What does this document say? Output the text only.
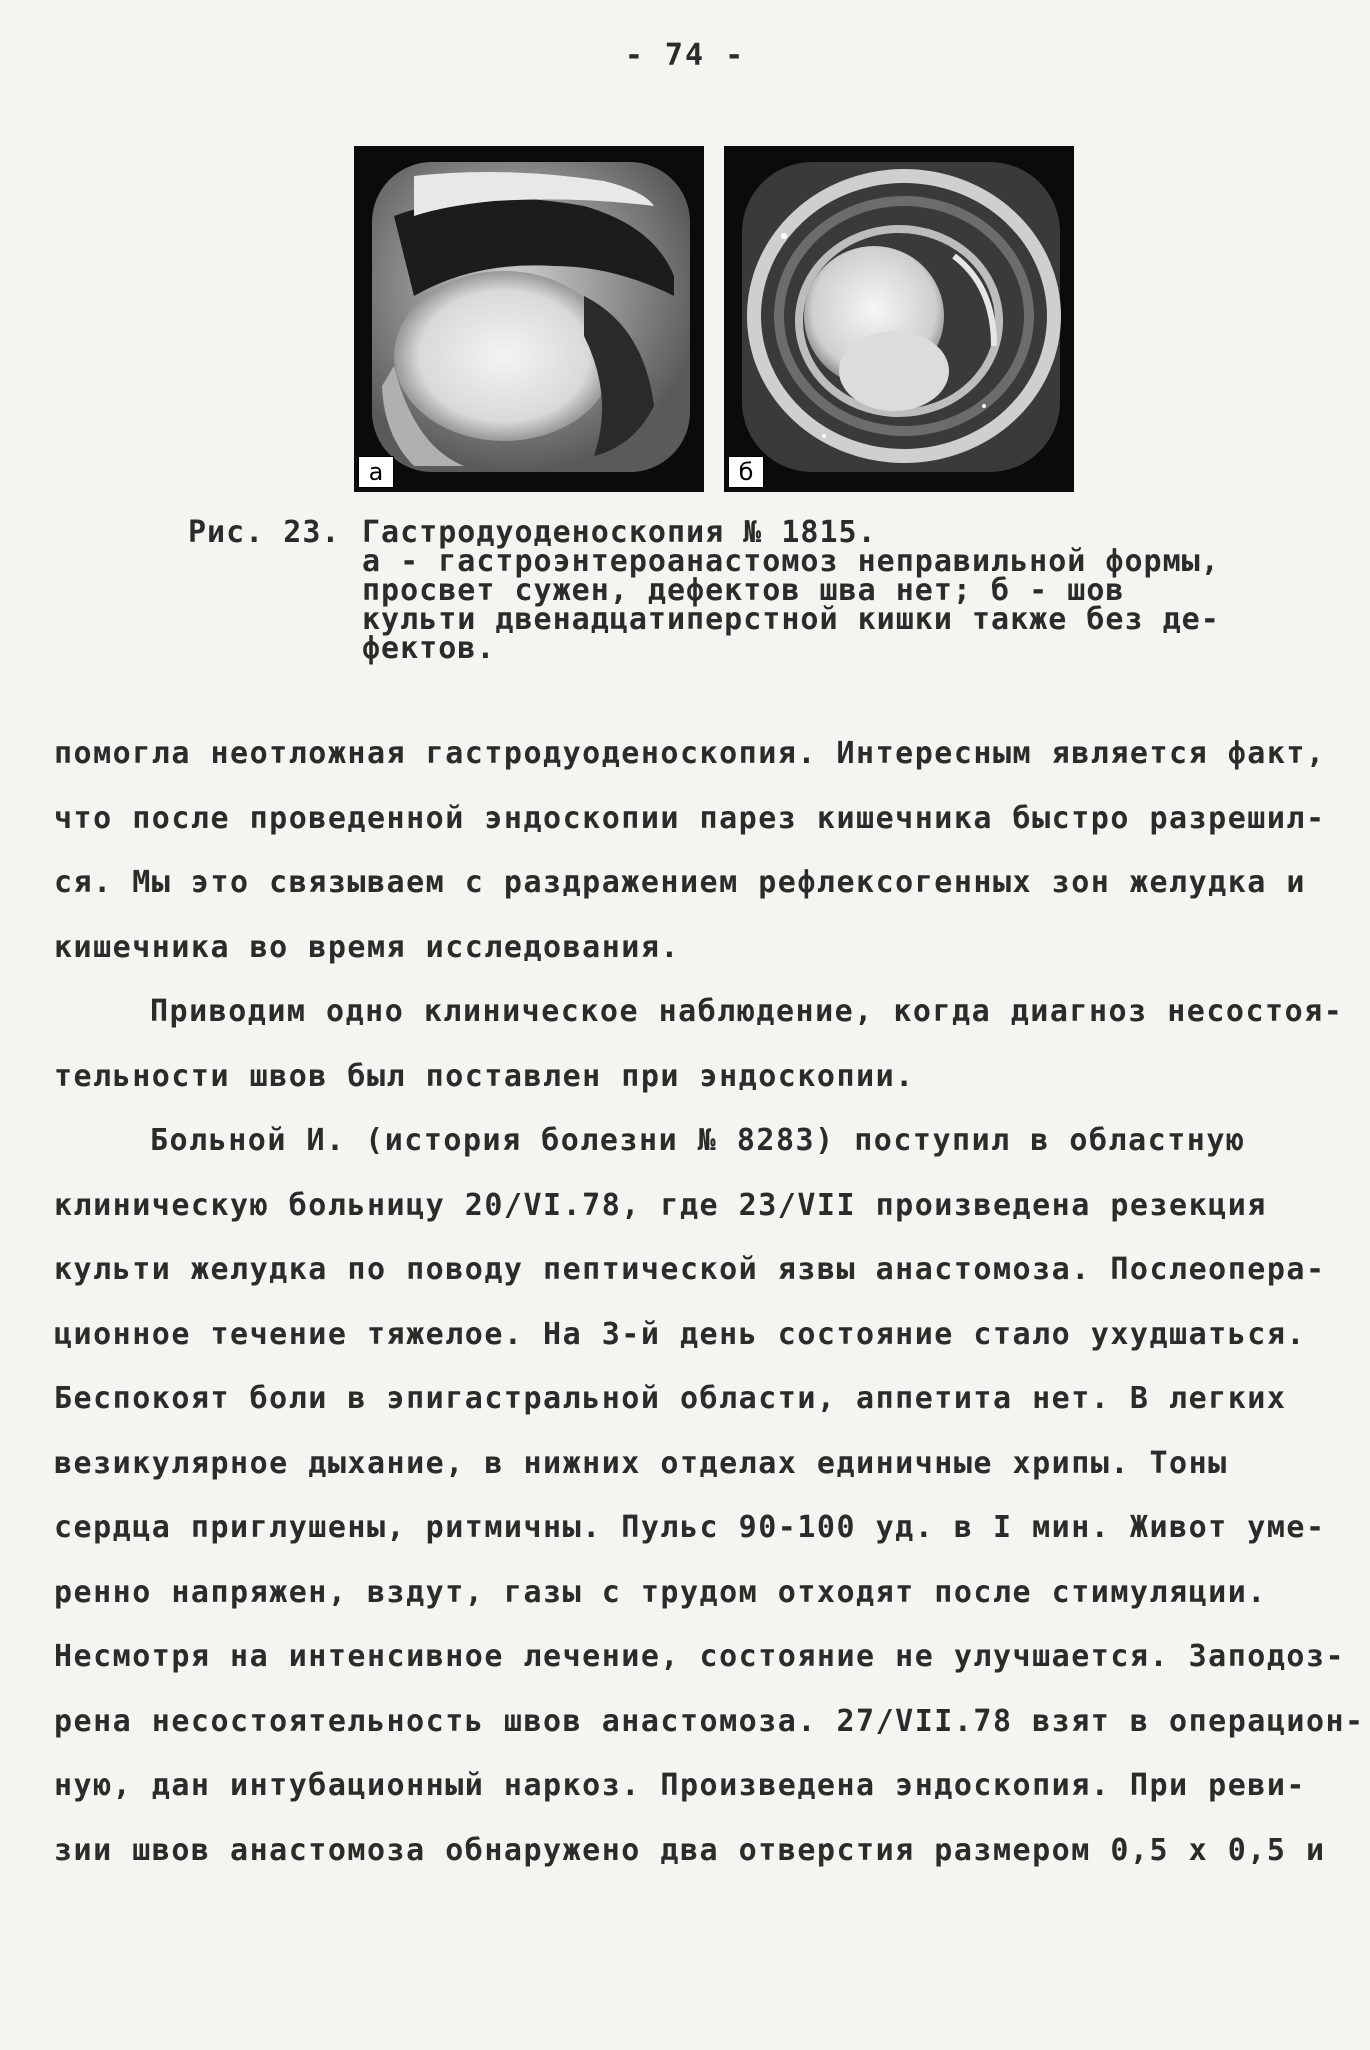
- 74 -
а	б
Рис. 23. Гастродуоденоскопия № 1815.
а - гастроэнтероанастомоз неправильной формы,
просвет сужен, дефектов шва нет; б - шов
культи двенадцатиперстной кишки также без де-
фектов.
помогла неотложная гастродуоденоскопия. Интересным является факт,
что после проведенной эндоскопии парез кишечника быстро разрешил-
ся. Мы это связываем с раздражением рефлексогенных зон желудка и
кишечника во время исследования.
Приводим одно клиническое наблюдение, когда диагноз несостоя-
тельности швов был поставлен при эндоскопии.
Больной И. (история болезни № 8283) поступил в областную
клиническую больницу 20/VI.78, где 23/VII произведена резекция
культи желудка по поводу пептической язвы анастомоза. Послеопера-
ционное течение тяжелое. На 3-й день состояние стало ухудшаться.
Беспокоят боли в эпигастральной области, аппетита нет. В легких
везикулярное дыхание, в нижних отделах единичные хрипы. Тоны
сердца приглушены, ритмичны. Пульс 90-100 уд. в I мин. Живот уме-
ренно напряжен, вздут, газы с трудом отходят после стимуляции.
Несмотря на интенсивное лечение, состояние не улучшается. Заподоз-
рена несостоятельность швов анастомоза. 27/VII.78 взят в операцион-
ную, дан интубационный наркоз. Произведена эндоскопия. При реви-
зии швов анастомоза обнаружено два отверстия размером 0,5 x 0,5 и
